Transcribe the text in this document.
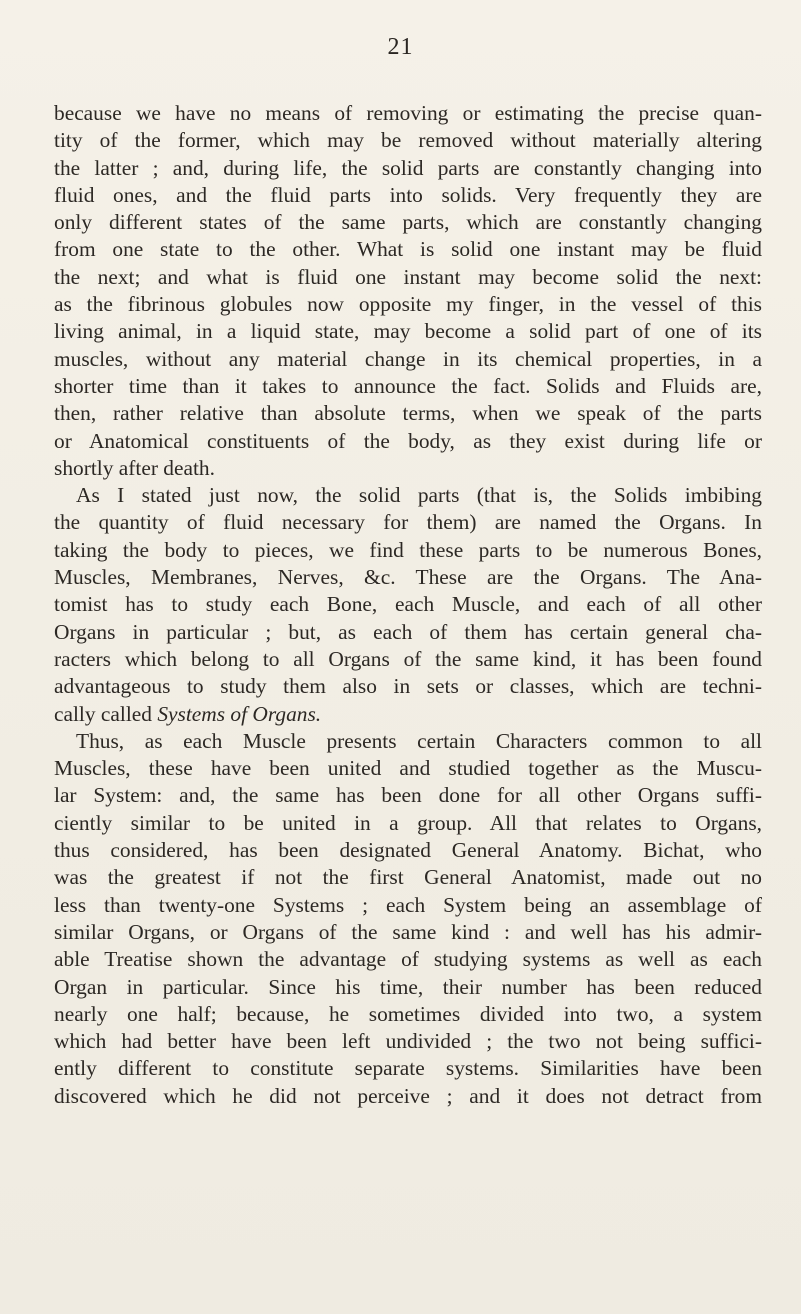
21
because we have no means of removing or estimating the precise quan-
tity of the former, which may be removed without materially altering
the latter ; and, during life, the solid parts are constantly changing into
fluid ones, and the fluid parts into solids. Very frequently they are
only different states of the same parts, which are constantly changing
from one state to the other. What is solid one instant may be fluid
the next; and what is fluid one instant may become solid the next:
as the fibrinous globules now opposite my finger, in the vessel of this
living animal, in a liquid state, may become a solid part of one of its
muscles, without any material change in its chemical properties, in a
shorter time than it takes to announce the fact. Solids and Fluids are,
then, rather relative than absolute terms, when we speak of the parts
or Anatomical constituents of the body, as they exist during life or
shortly after death.
As I stated just now, the solid parts (that is, the Solids imbibing
the quantity of fluid necessary for them) are named the Organs. In
taking the body to pieces, we find these parts to be numerous Bones,
Muscles, Membranes, Nerves, &c. These are the Organs. The Ana-
tomist has to study each Bone, each Muscle, and each of all other
Organs in particular ; but, as each of them has certain general cha-
racters which belong to all Organs of the same kind, it has been found
advantageous to study them also in sets or classes, which are techni-
cally called Systems of Organs.
Thus, as each Muscle presents certain Characters common to all
Muscles, these have been united and studied together as the Muscu-
lar System: and, the same has been done for all other Organs suffi-
ciently similar to be united in a group. All that relates to Organs,
thus considered, has been designated General Anatomy. Bichat, who
was the greatest if not the first General Anatomist, made out no
less than twenty-one Systems ; each System being an assemblage of
similar Organs, or Organs of the same kind : and well has his admir-
able Treatise shown the advantage of studying systems as well as each
Organ in particular. Since his time, their number has been reduced
nearly one half; because, he sometimes divided into two, a system
which had better have been left undivided ; the two not being suffici-
ently different to constitute separate systems. Similarities have been
discovered which he did not perceive ; and it does not detract from
